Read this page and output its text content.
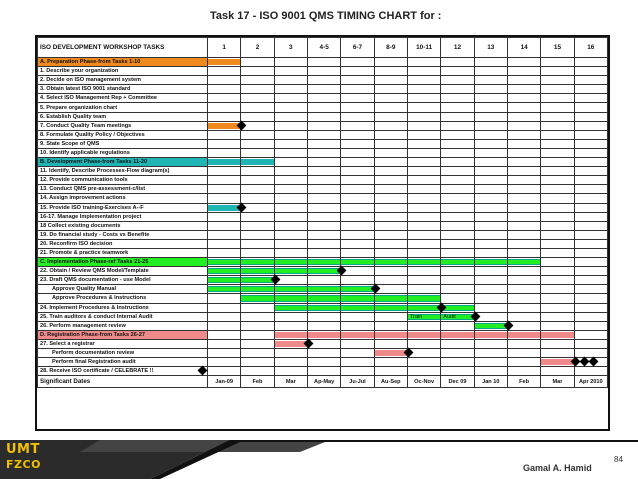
Task 17 - ISO 9001 QMS TIMING CHART for :
ISO DEVELOPMENT WORKSHOP TASKS	1	2	3	4-5	6-7	8-9	10-11	12	13	14	15	16
A. Preparation Phase-from Tasks 1-10	

1. Describe your organization												
2. Decide on ISO management system												
3. Obtain latest ISO 9001 standard												
4. Select ISO Management Rep + Committee												
5. Prepare organization chart												
6. Establish Quality team												
7. Conduct Quality Team meetings	

8. Formulate Quality Policy / Objectives												
9. State Scope of QMS												
10. Identify applicable regulations												
B. Development Phase-from Tasks 11-20	

11. Identify, Describe Processes-Flow diagram(s)												
12. Provide communication tools												
13. Conduct QMS pre-assessment-c/list												
14. Assign improvement actions												
15. Provide ISO training-Exercises A--F	

16-17. Manage Implementation project												
18 Collect existing documents												
19. Do financial study - Costs vs Benefite												
20. Reconfirm ISO decision												
21. Promote & practice teamwork												
C. Implementation Phase-ref Tasks 21-25	

22. Obtain / Review QMS Model/Template	

23. Draft QMS documentation - use Model	

Approve Quality Manual	

Approve Procedures & Instructions		

24. Implement Procedures & Instructions			

25. Train auditors & conduct Internal Audit							Train	Audit				

26. Perform management review									

D. Registration Phase-from Tasks 26-27			

27. Select a registrar			

Perform documentation review						

Perform final Registration audit											

28. Receive ISO certificate / CELEBRATE !!	

Significant Dates	Jan-09	Feb	Mar	Ap-May	Ju-Jul	Au-Sep	Oc-Nov	Dec 09	Jan 10	Feb	Mar	Apr 2010
UMT
FZCO	Gamal A. Hamid
84
